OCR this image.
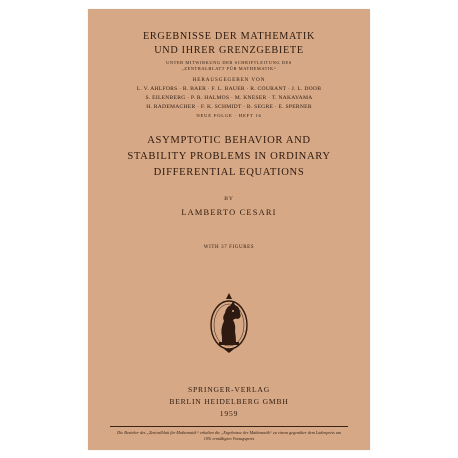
ERGEBNISSE DER MATHEMATIK
UND IHRER GRENZGEBIETE
UNTER MITWIRKUNG DER SCHRIFTLEITUNG DES
„ZENTRALBLATT FÜR MATHEMATIK“
HERAUSGEGEBEN VON
L. V. AHLFORS · R. BAER · F. L. BAUER · R. COURANT · J. L. DOOB
S. EILENBERG · P. R. HALMOS · M. KNESER · T. NAKAYAMA
H. RADEMACHER · F. K. SCHMIDT · B. SEGRE · E. SPERNER
NEUE FOLGE · HEFT 16
ASYMPTOTIC BEHAVIOR AND
STABILITY PROBLEMS IN ORDINARY
DIFFERENTIAL EQUATIONS
BY
LAMBERTO CESARI
WITH 37 FIGURES
SPRINGER-VERLAG
BERLIN HEIDELBERG GMBH
1959
Die Bezieher des „Zentralblatt für Mathematik“ erhalten die „Ergebnisse der Mathematik“ zu einem gegenüber dem Ladenpreis um 10% ermäßigten Vorzugspreis
